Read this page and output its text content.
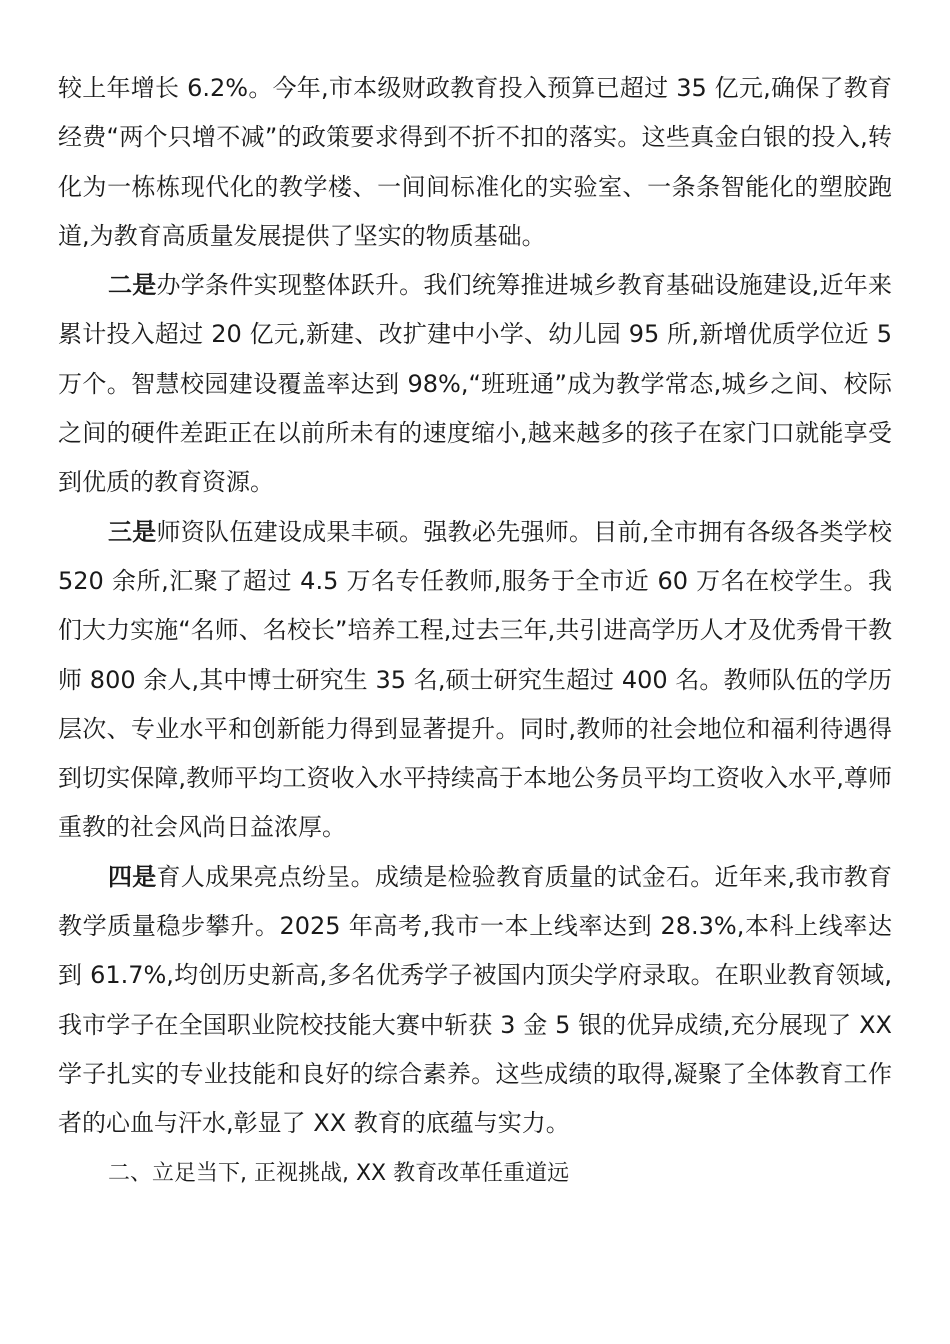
较上年增长 6.2%。今年,市本级财政教育投入预算已超过 35 亿元,确保了教育经费“两个只增不减”的政策要求得到不折不扣的落实。这些真金白银的投入,转化为一栋栋现代化的教学楼、一间间标准化的实验室、一条条智能化的塑胶跑道,为教育高质量发展提供了坚实的物质基础。

二是办学条件实现整体跃升。我们统筹推进城乡教育基础设施建设,近年来累计投入超过 20 亿元,新建、改扩建中小学、幼儿园 95 所,新增优质学位近 5 万个。智慧校园建设覆盖率达到 98%,“班班通”成为教学常态,城乡之间、校际之间的硬件差距正在以前所未有的速度缩小,越来越多的孩子在家门口就能享受到优质的教育资源。

三是师资队伍建设成果丰硕。强教必先强师。目前,全市拥有各级各类学校 520 余所,汇聚了超过 4.5 万名专任教师,服务于全市近 60 万名在校学生。我们大力实施“名师、名校长”培养工程,过去三年,共引进高学历人才及优秀骨干教师 800 余人,其中博士研究生 35 名,硕士研究生超过 400 名。教师队伍的学历层次、专业水平和创新能力得到显著提升。同时,教师的社会地位和福利待遇得到切实保障,教师平均工资收入水平持续高于本地公务员平均工资收入水平,尊师重教的社会风尚日益浓厚。

四是育人成果亮点纷呈。成绩是检验教育质量的试金石。近年来,我市教育教学质量稳步攀升。2025 年高考,我市一本上线率达到 28.3%,本科上线率达到 61.7%,均创历史新高,多名优秀学子被国内顶尖学府录取。在职业教育领域,我市学子在全国职业院校技能大赛中斩获 3 金 5 银的优异成绩,充分展现了 XX 学子扎实的专业技能和良好的综合素养。这些成绩的取得,凝聚了全体教育工作者的心血与汗水,彰显了 XX 教育的底蕴与实力。

二、立足当下, 正视挑战, XX 教育改革任重道远
